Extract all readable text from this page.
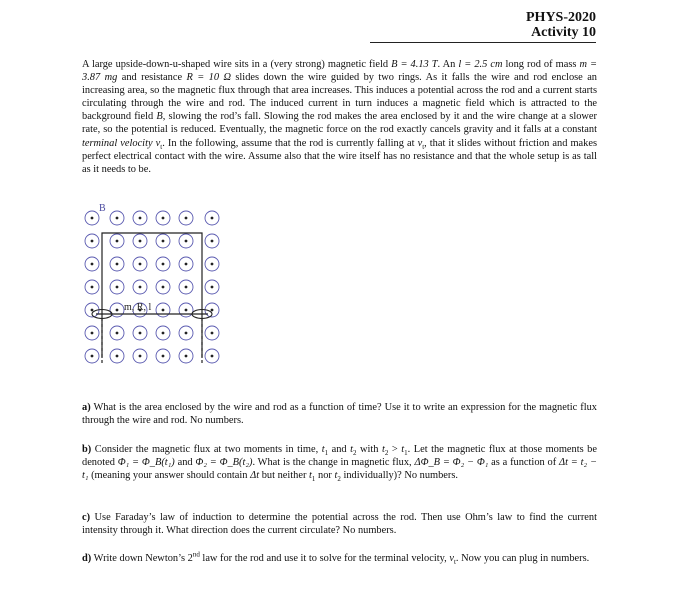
PHYS-2020
Activity 10
A large upside-down-u-shaped wire sits in a (very strong) magnetic field B = 4.13 T. An l = 2.5 cm long rod of mass m = 3.87 mg and resistance R = 10 Ω slides down the wire guided by two rings. As it falls the wire and rod enclose an increasing area, so the magnetic flux through that area increases. This induces a potential across the rod and a current starts circulating through the wire and rod. The induced current in turn induces a magnetic field which is attracted to the background field B, slowing the rod’s fall. Slowing the rod makes the area enclosed by it and the wire change at a slower rate, so the potential is reduced. Eventually, the magnetic force on the rod exactly cancels gravity and it falls at a constant terminal velocity $v_t$. In the following, assume that the rod is currently falling at $v_t$, that it slides without friction and makes perfect electrical contact with the wire. Assume also that the wire itself has no resistance and that the whole setup is as tall as it needs to be.
B
m, R, l
a) What is the area enclosed by the wire and rod as a function of time? Use it to write an expression for the magnetic flux through the wire and rod. No numbers.
b) Consider the magnetic flux at two moments in time, $t_1$ and $t_2$ with $t_2 > t_1$. Let the magnetic flux at those moments be denoted Φ₁ = Φ_B(t₁) and Φ₂ = Φ_B(t₂). What is the change in magnetic flux, ΔΦ_B = Φ₂ − Φ₁ as a function of Δt = t₂ − t₁ (meaning your answer should contain Δt but neither $t_1$ nor $t_2$ individually)? No numbers.
c) Use Faraday’s law of induction to determine the potential across the rod. Then use Ohm’s law to find the current intensity through it. What direction does the current circulate? No numbers.
d) Write down Newton’s 2nd law for the rod and use it to solve for the terminal velocity, $v_t$. Now you can plug in numbers.
